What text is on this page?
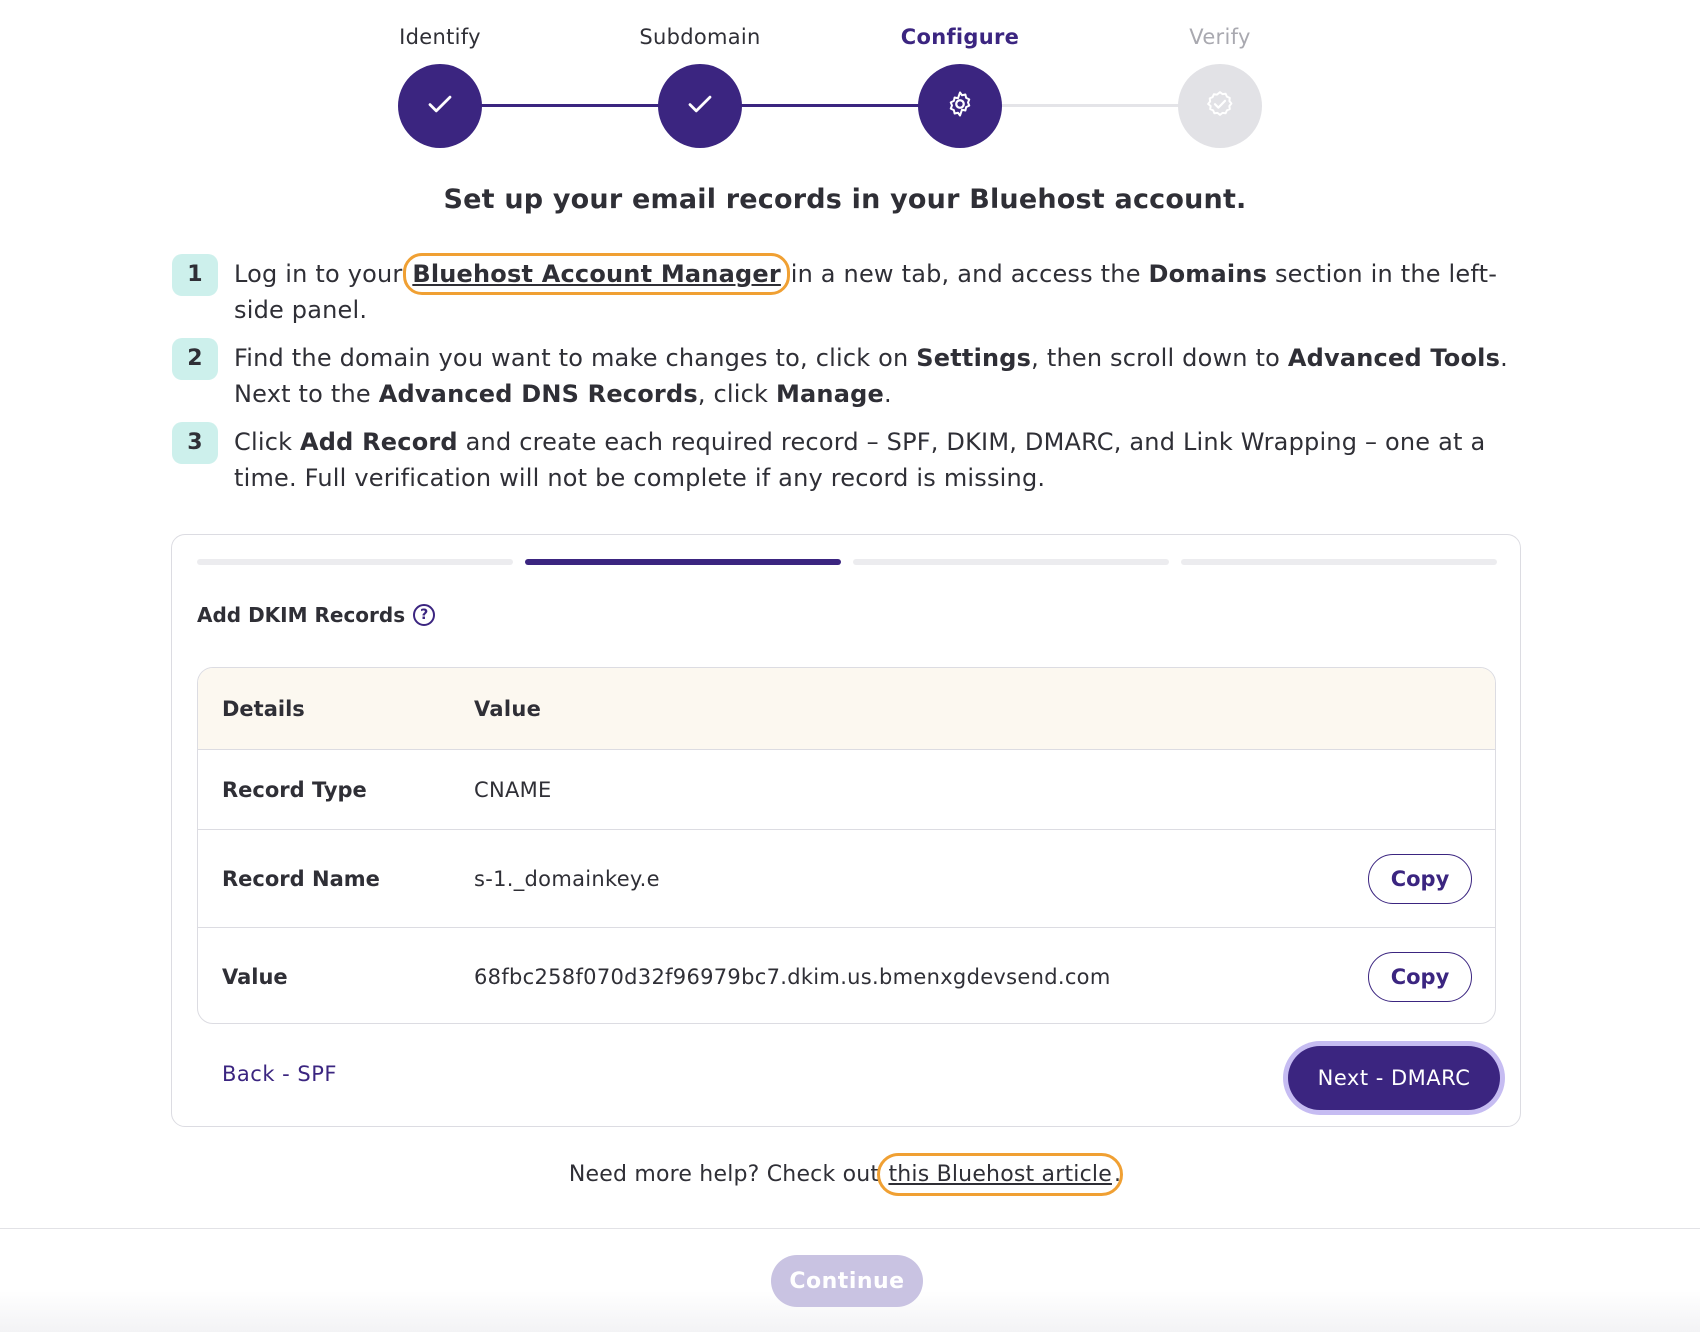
Identify	Subdomain	Configure	Verify
Set up your email records in your Bluehost account.
1	Log in to your Bluehost Account Manager in a new tab, and access the Domains section in the left-side panel.
2	Find the domain you want to make changes to, click on Settings, then scroll down to Advanced Tools. Next to the Advanced DNS Records, click Manage.
3	Click Add Record and create each required record – SPF, DKIM, DMARC, and Link Wrapping – one at a time. Full verification will not be complete if any record is missing.
Add DKIM Records	?
Details	Value
Record Type	CNAME
Record Name	s-1._domainkey.e	Copy
Value	68fbc258f070d32f96979bc7.dkim.us.bmenxgdevsend.com	Copy
Back - SPF	Next - DMARC
Need more help? Check out this Bluehost article.
Continue
